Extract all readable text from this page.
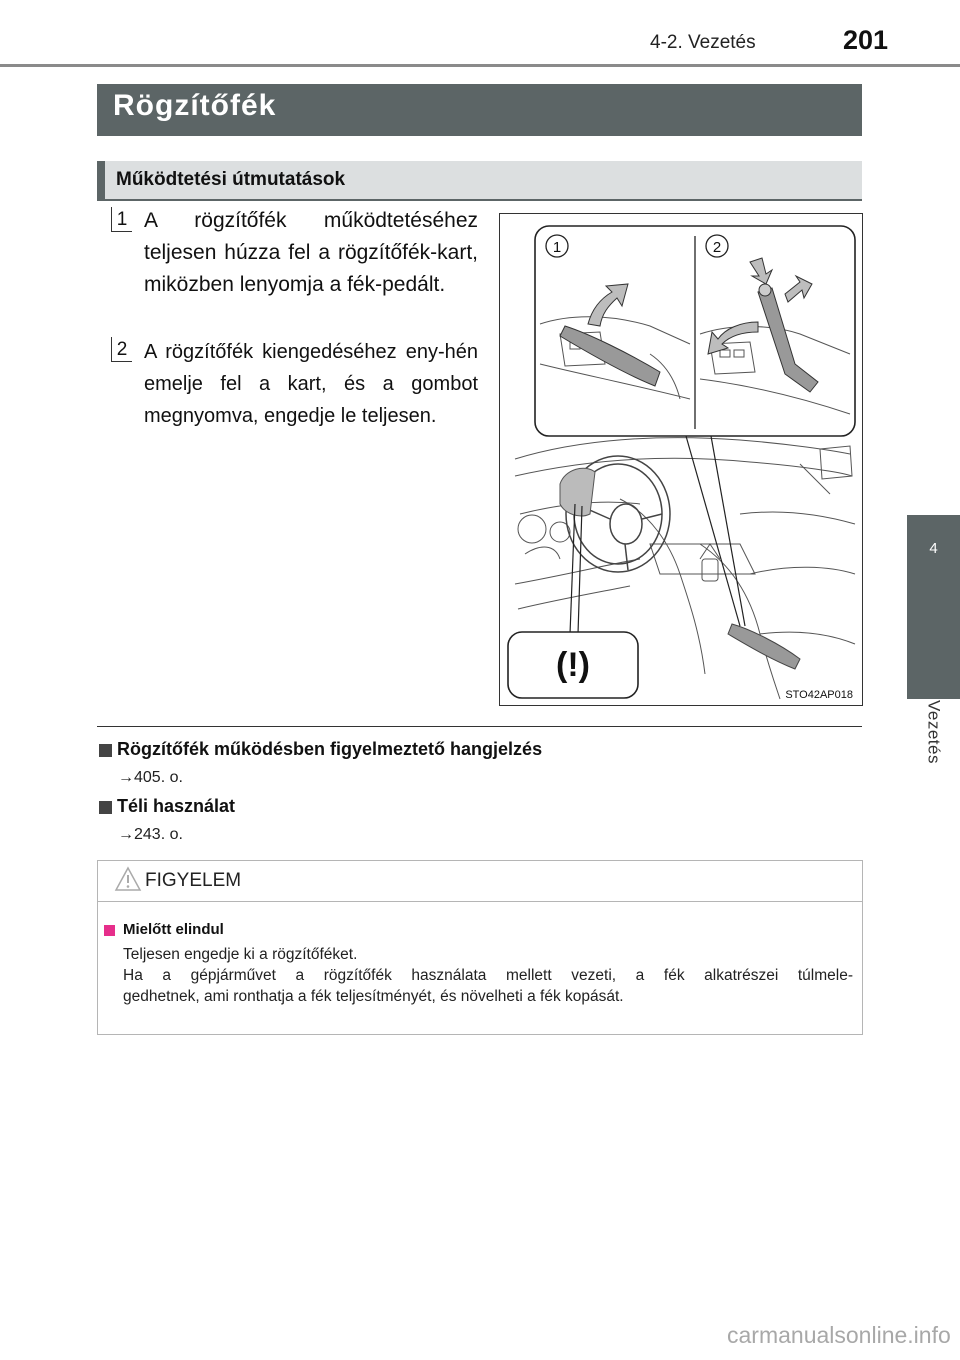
4-2. Vezetés	201
4
Vezetés
Rögzítőfék
Működtetési útmutatások
1 A rögzítőfék működtetéséhez teljesen húzza fel a rögzítőfék-kart, miközben lenyomja a fék-pedált.
2 A rögzítőfék kiengedéséhez eny-hén emelje fel a kart, és a gombot megnyomva, engedje le teljesen.
1	2
(!)
STO42AP018
Rögzítőfék működésben figyelmeztető hangjelzés
→405. o.
Téli használat
→243. o.
FIGYELEM
Mielőtt elindul
Teljesen engedje ki a rögzítőféket.
Ha a gépjárművet a rögzítőfék használata mellett vezeti, a fék alkatrészei túlmele-
gedhetnek, ami ronthatja a fék teljesítményét, és növelheti a fék kopását.
carmanualsonline.info
